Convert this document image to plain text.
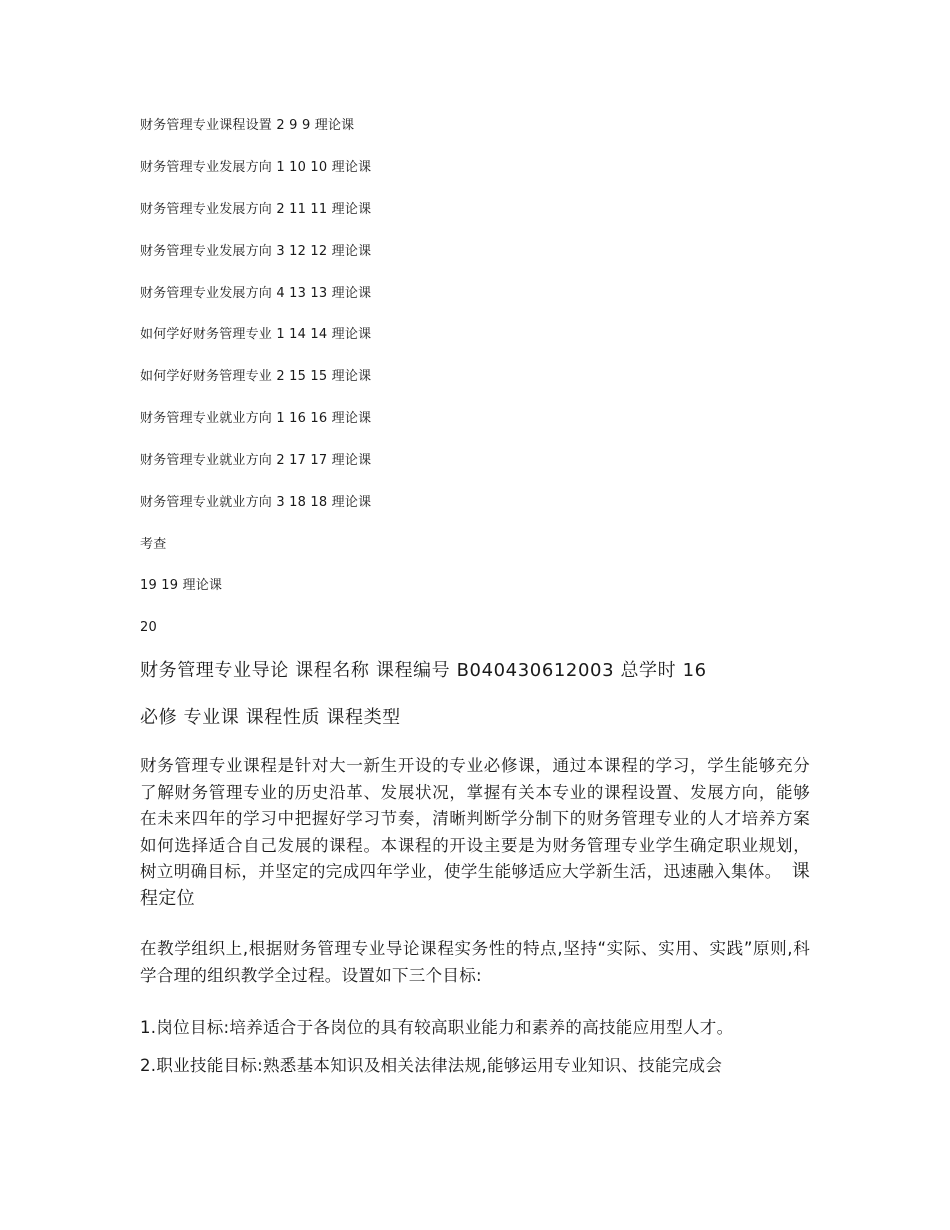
财务管理专业课程设置 2 9 9 理论课
财务管理专业发展方向 1 10 10 理论课
财务管理专业发展方向 2 11 11 理论课
财务管理专业发展方向 3 12 12 理论课
财务管理专业发展方向 4 13 13 理论课
如何学好财务管理专业 1 14 14 理论课
如何学好财务管理专业 2 15 15 理论课
财务管理专业就业方向 1 16 16 理论课
财务管理专业就业方向 2 17 17 理论课
财务管理专业就业方向 3 18 18 理论课
考查
19 19 理论课
20
财务管理专业导论 课程名称 课程编号 B040430612003 总学时 16
必修 专业课 课程性质 课程类型
财务管理专业课程是针对大一新生开设的专业必修课，通过本课程的学习，学生能够充分了解财务管理专业的历史沿革、发展状况，掌握有关本专业的课程设置、发展方向，能够在未来四年的学习中把握好学习节奏，清晰判断学分制下的财务管理专业的人才培养方案如何选择适合自己发展的课程。本课程的开设主要是为财务管理专业学生确定职业规划，树立明确目标，并坚定的完成四年学业，使学生能够适应大学新生活，迅速融入集体。 课程定位
在教学组织上,根据财务管理专业导论课程实务性的特点,坚持“实际、实用、实践”原则,科学合理的组织教学全过程。设置如下三个目标:
1.岗位目标:培养适合于各岗位的具有较高职业能力和素养的高技能应用型人才。
2.职业技能目标:熟悉基本知识及相关法律法规,能够运用专业知识、技能完成会
